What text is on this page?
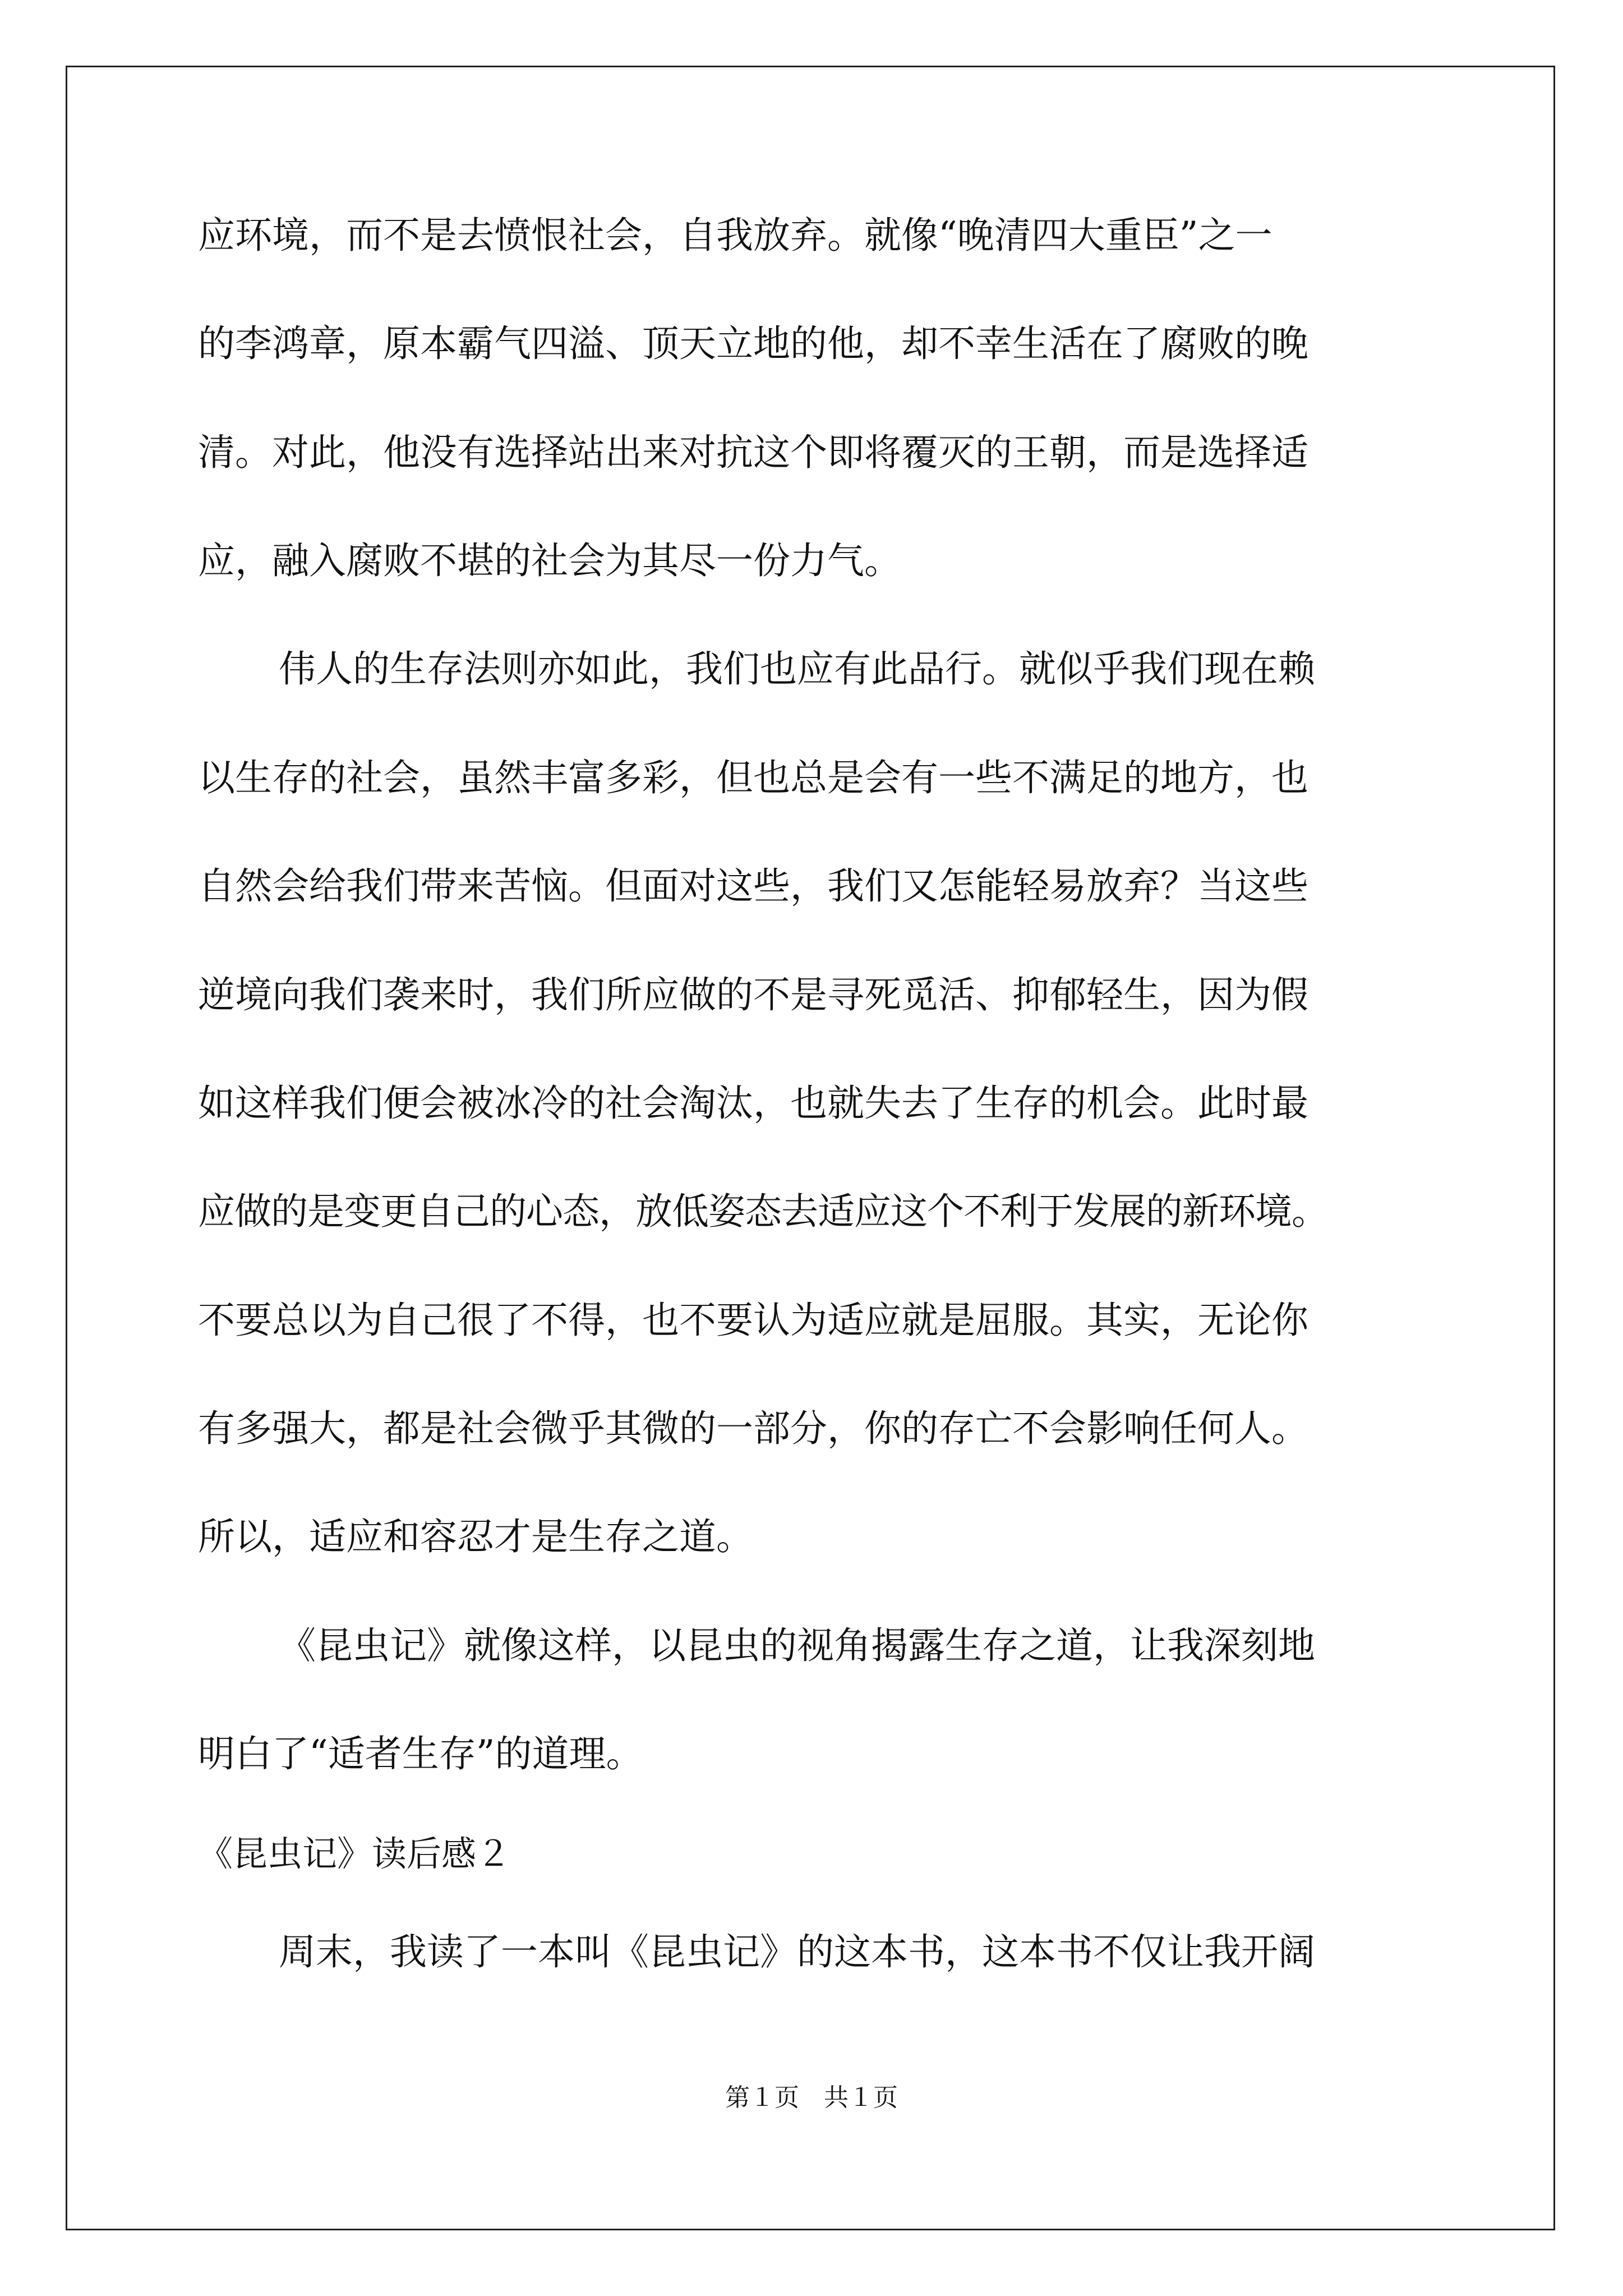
应环境，而不是去愤恨社会，自我放弃。就像“晚清四大重臣”之一
的李鸿章，原本霸气四溢、顶天立地的他，却不幸生活在了腐败的晚
清。对此，他没有选择站出来对抗这个即将覆灭的王朝，而是选择适
应，融入腐败不堪的社会为其尽一份力气。
伟人的生存法则亦如此，我们也应有此品行。就似乎我们现在赖
以生存的社会，虽然丰富多彩，但也总是会有一些不满足的地方，也
自然会给我们带来苦恼。但面对这些，我们又怎能轻易放弃？当这些
逆境向我们袭来时，我们所应做的不是寻死觅活、抑郁轻生，因为假
如这样我们便会被冰冷的社会淘汰，也就失去了生存的机会。此时最
应做的是变更自己的心态，放低姿态去适应这个不利于发展的新环境。
不要总以为自己很了不得，也不要认为适应就是屈服。其实，无论你
有多强大，都是社会微乎其微的一部分，你的存亡不会影响任何人。
所以，适应和容忍才是生存之道。
《昆虫记》就像这样，以昆虫的视角揭露生存之道，让我深刻地
明白了“适者生存”的道理。
《昆虫记》读后感２
周末，我读了一本叫《昆虫记》的这本书，这本书不仅让我开阔
第１页　共１页
